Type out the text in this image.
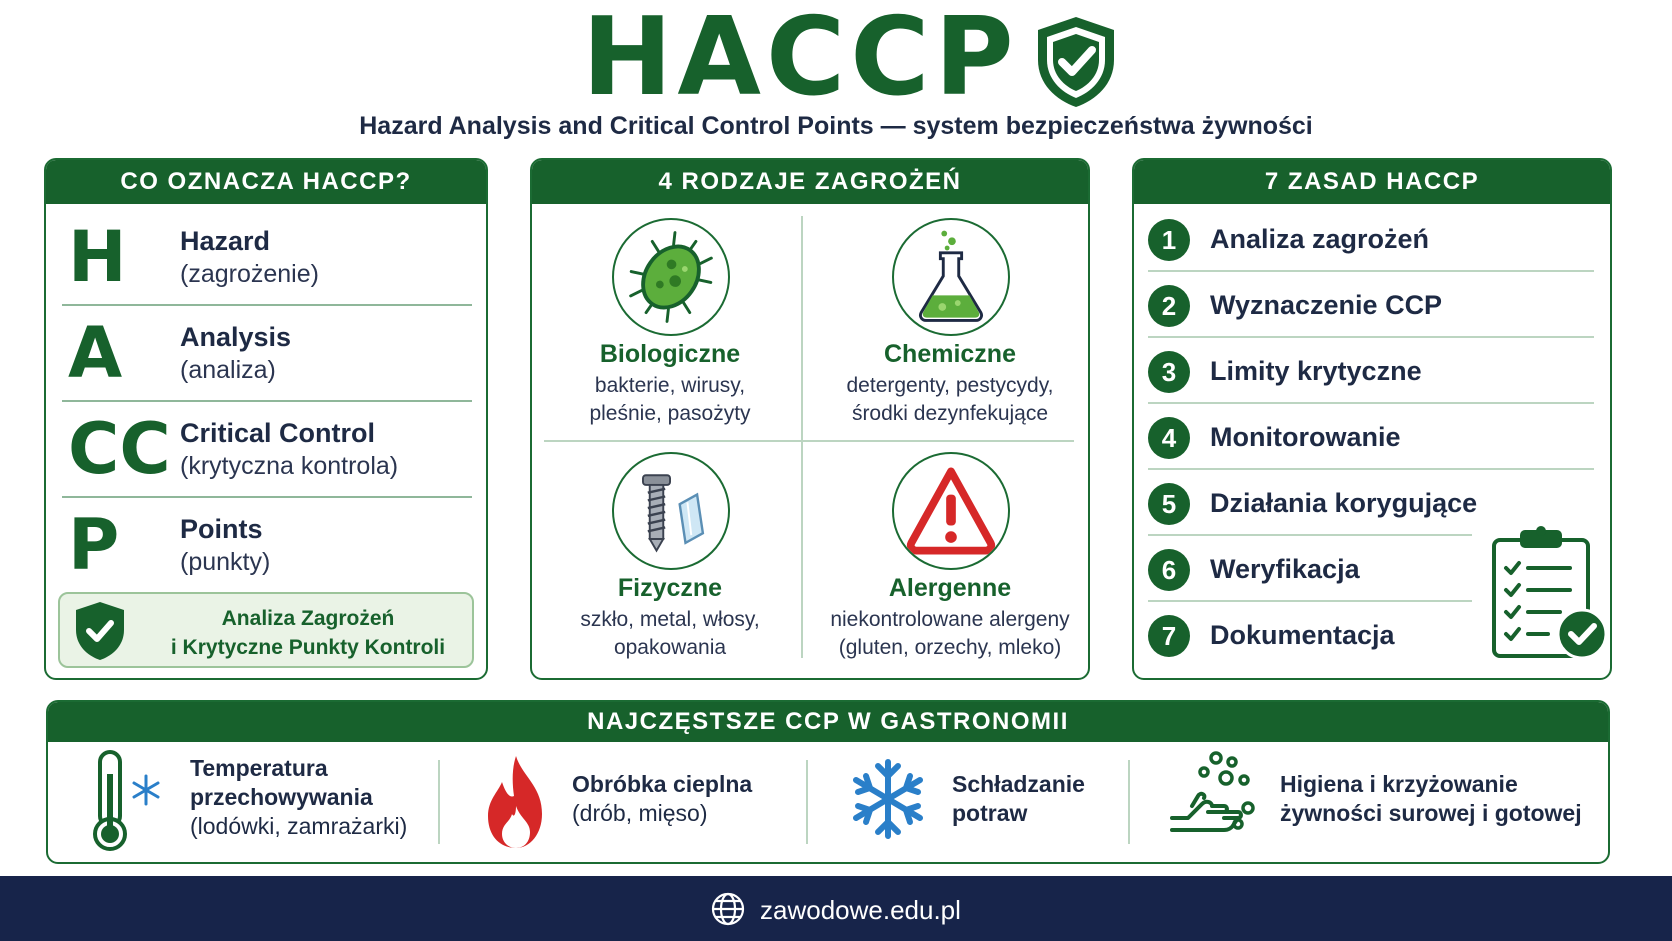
HACCP
Hazard Analysis and Critical Control Points — system bezpieczeństwa żywności
CO OZNACZA HACCP?
H	Hazard
(zagrożenie)
A	Analysis
(analiza)
CC Critical Control
(krytyczna kontrola)
P	Points
(punkty)
Analiza Zagrożeń
i Krytyczne Punkty Kontroli
4 RODZAJE ZAGROŻEŃ
Biologiczne
bakterie, wirusy,
pleśnie, pasożyty
Chemiczne
detergenty, pestycydy,
środki dezynfekujące
Fizyczne
szkło, metal, włosy,
opakowania
Alergenne
niekontrolowane alergeny
(gluten, orzechy, mleko)
7 ZASAD HACCP
1	Analiza zagrożeń
2	Wyznaczenie CCP
3	Limity krytyczne
4	Monitorowanie
5	Działania korygujące
6	Weryfikacja
7	Dokumentacja
NAJCZĘSTSZE CCP W GASTRONOMII
Temperatura
przechowywania
(lodówki, zamrażarki)
Obróbka cieplna
(drób, mięso)
Schładzanie
potraw
Higiena i krzyżowanie
żywności surowej i gotowej
zawodowe.edu.pl
